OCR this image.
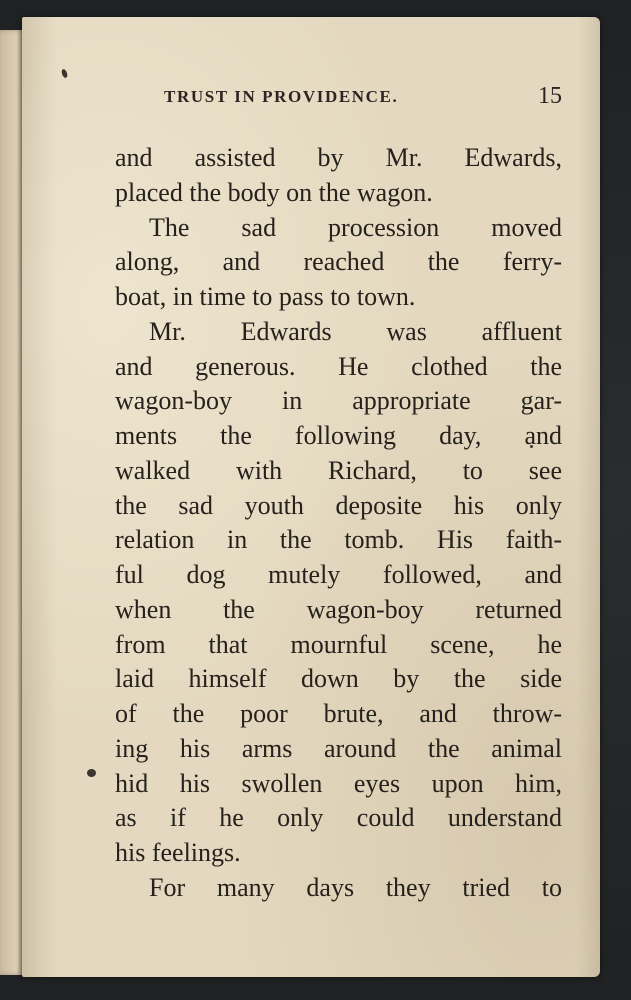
TRUST IN PROVIDENCE.	15
and assisted by Mr. Edwards,
placed the body on the wagon.
The sad procession moved
along, and reached the ferry-
boat, in time to pass to town.
Mr. Edwards was affluent
and generous. He clothed the
wagon-boy in appropriate gar-
ments the following day, and
walked with Richard, to see
the sad youth deposite his only
relation in the tomb. His faith-
ful dog mutely followed, and
when the wagon-boy returned
from that mournful scene, he
laid himself down by the side
of the poor brute, and throw-
ing his arms around the animal
hid his swollen eyes upon him,
as if he only could understand
his feelings.
For many days they tried to
